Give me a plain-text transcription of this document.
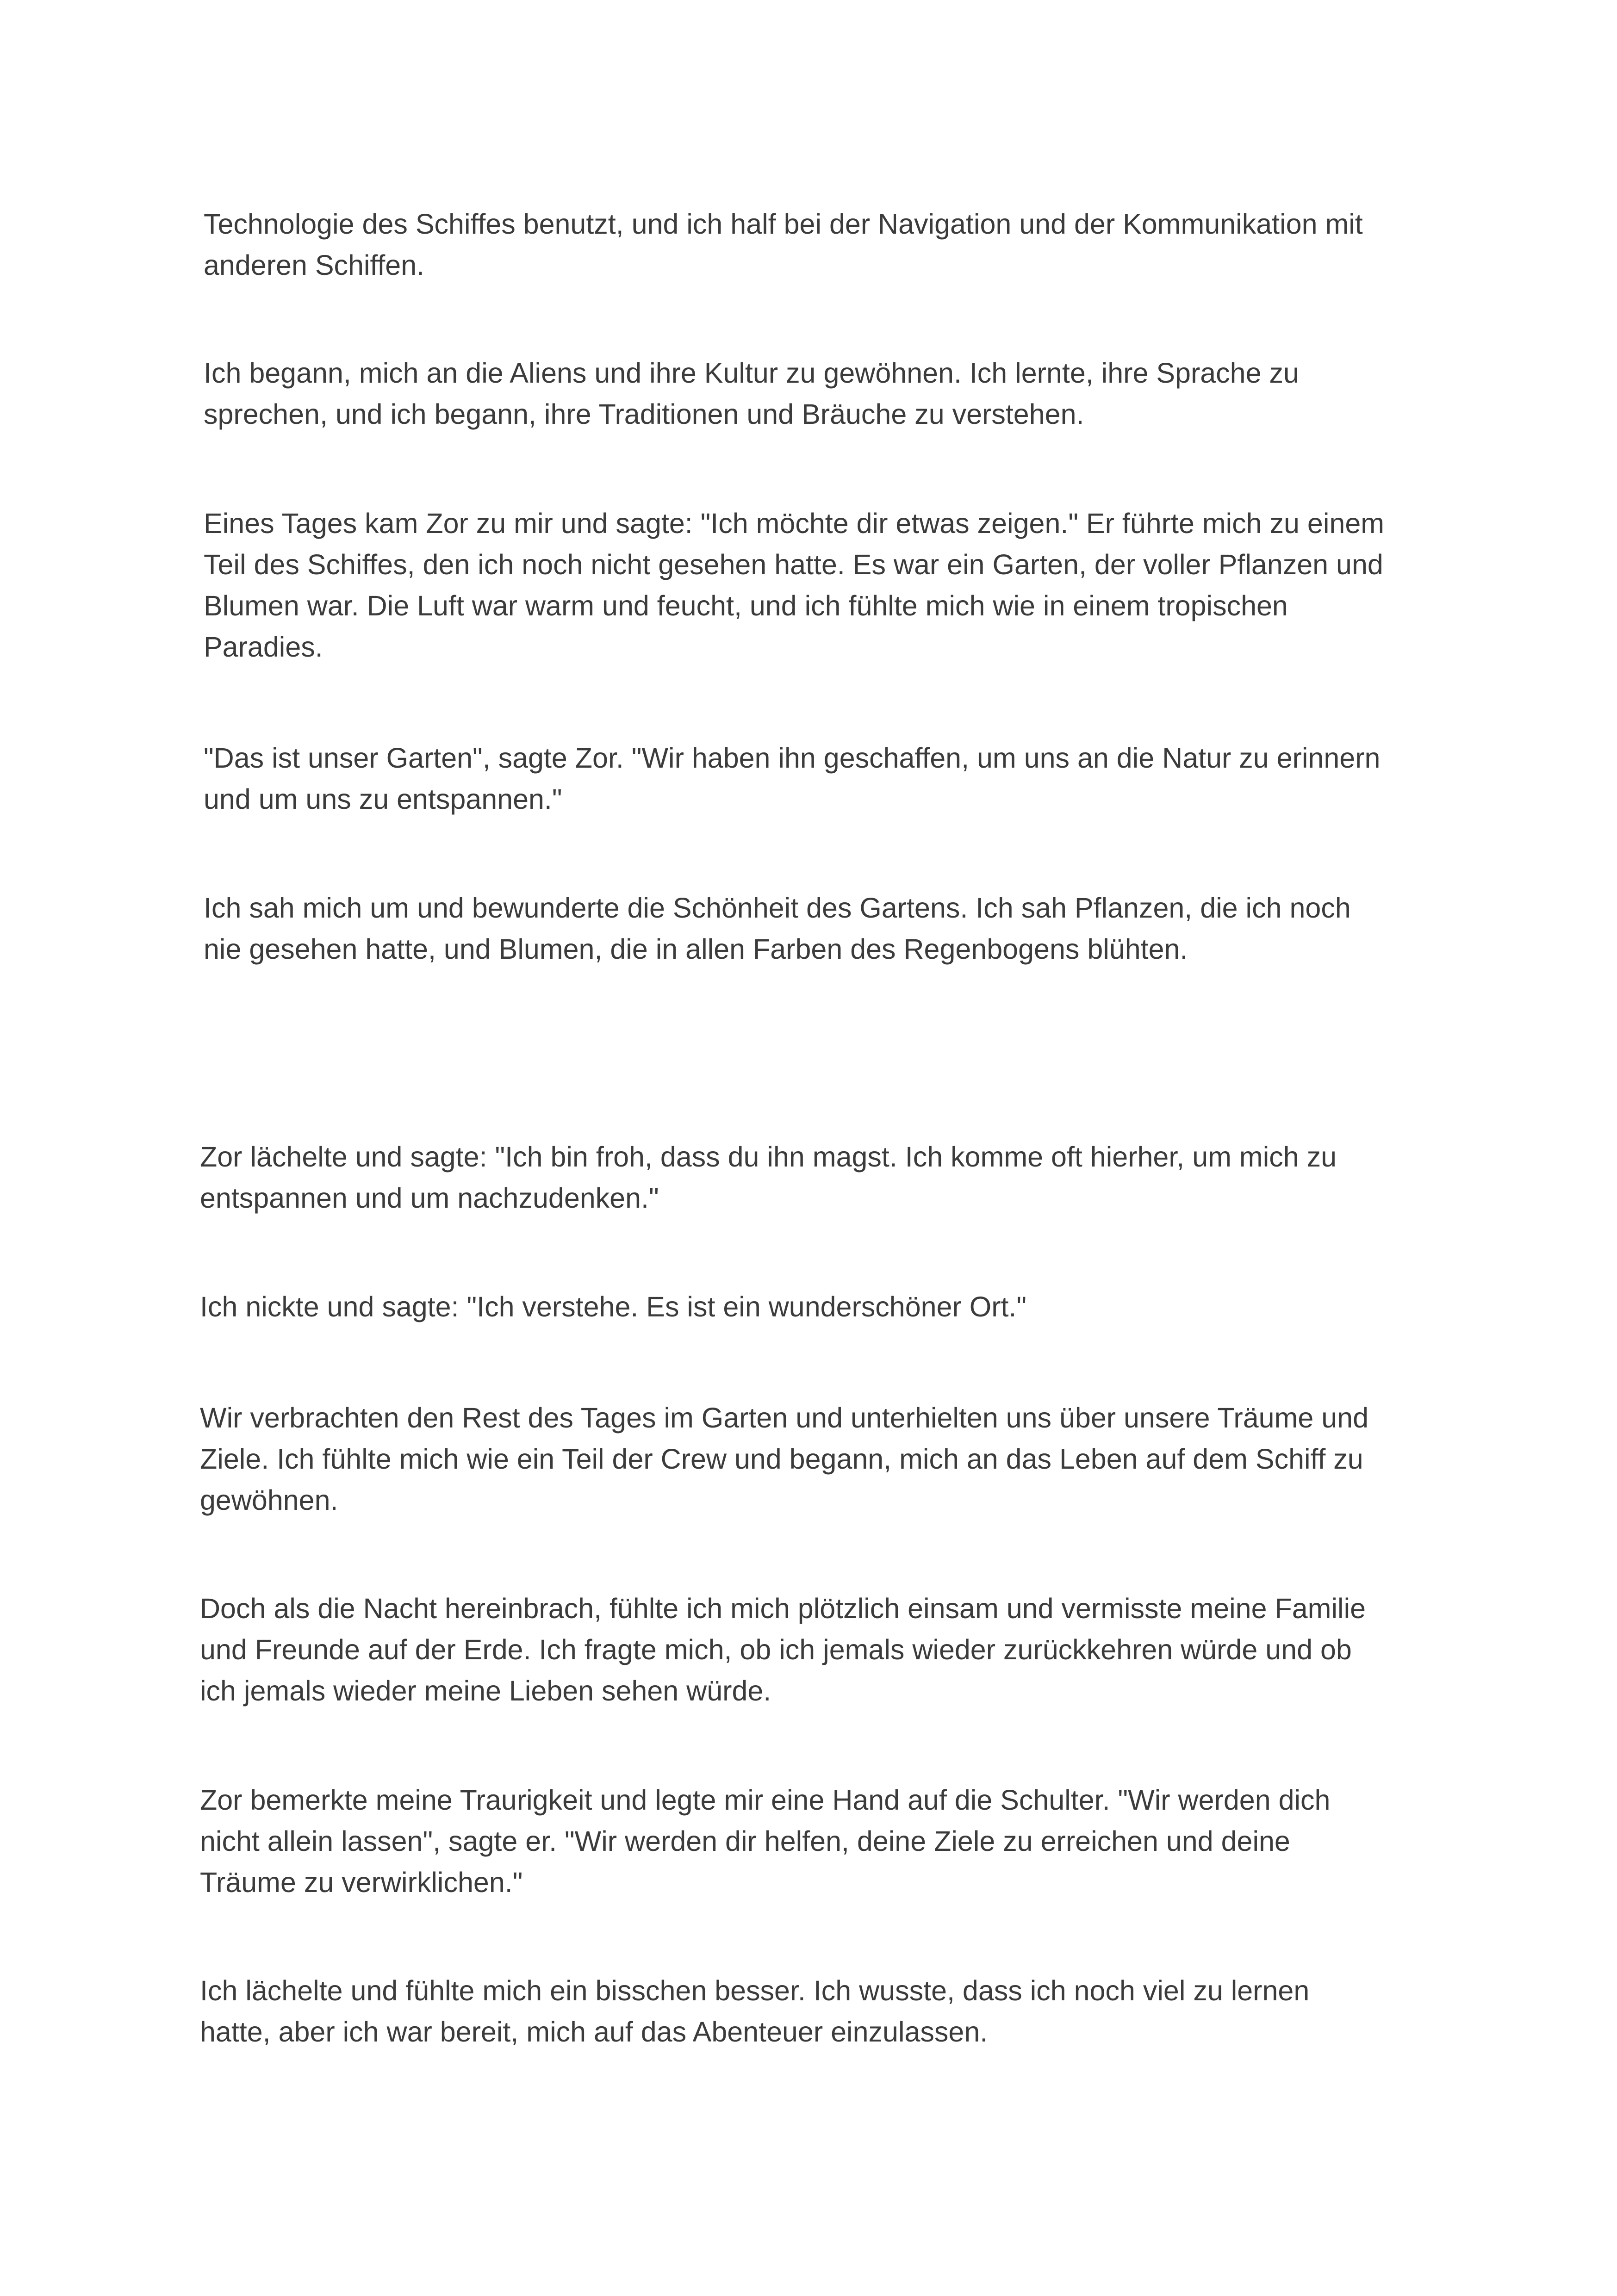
Technologie des Schiffes benutzt, und ich half bei der Navigation und der Kommunikation mit
anderen Schiffen.

Ich begann, mich an die Aliens und ihre Kultur zu gewöhnen. Ich lernte, ihre Sprache zu
sprechen, und ich begann, ihre Traditionen und Bräuche zu verstehen.

Eines Tages kam Zor zu mir und sagte: "Ich möchte dir etwas zeigen." Er führte mich zu einem
Teil des Schiffes, den ich noch nicht gesehen hatte. Es war ein Garten, der voller Pflanzen und
Blumen war. Die Luft war warm und feucht, und ich fühlte mich wie in einem tropischen
Paradies.

"Das ist unser Garten", sagte Zor. "Wir haben ihn geschaffen, um uns an die Natur zu erinnern
und um uns zu entspannen."

Ich sah mich um und bewunderte die Schönheit des Gartens. Ich sah Pflanzen, die ich noch
nie gesehen hatte, und Blumen, die in allen Farben des Regenbogens blühten.

Zor lächelte und sagte: "Ich bin froh, dass du ihn magst. Ich komme oft hierher, um mich zu
entspannen und um nachzudenken."

Ich nickte und sagte: "Ich verstehe. Es ist ein wunderschöner Ort."

Wir verbrachten den Rest des Tages im Garten und unterhielten uns über unsere Träume und
Ziele. Ich fühlte mich wie ein Teil der Crew und begann, mich an das Leben auf dem Schiff zu
gewöhnen.

Doch als die Nacht hereinbrach, fühlte ich mich plötzlich einsam und vermisste meine Familie
und Freunde auf der Erde. Ich fragte mich, ob ich jemals wieder zurückkehren würde und ob
ich jemals wieder meine Lieben sehen würde.

Zor bemerkte meine Traurigkeit und legte mir eine Hand auf die Schulter. "Wir werden dich
nicht allein lassen", sagte er. "Wir werden dir helfen, deine Ziele zu erreichen und deine
Träume zu verwirklichen."

Ich lächelte und fühlte mich ein bisschen besser. Ich wusste, dass ich noch viel zu lernen
hatte, aber ich war bereit, mich auf das Abenteuer einzulassen.
